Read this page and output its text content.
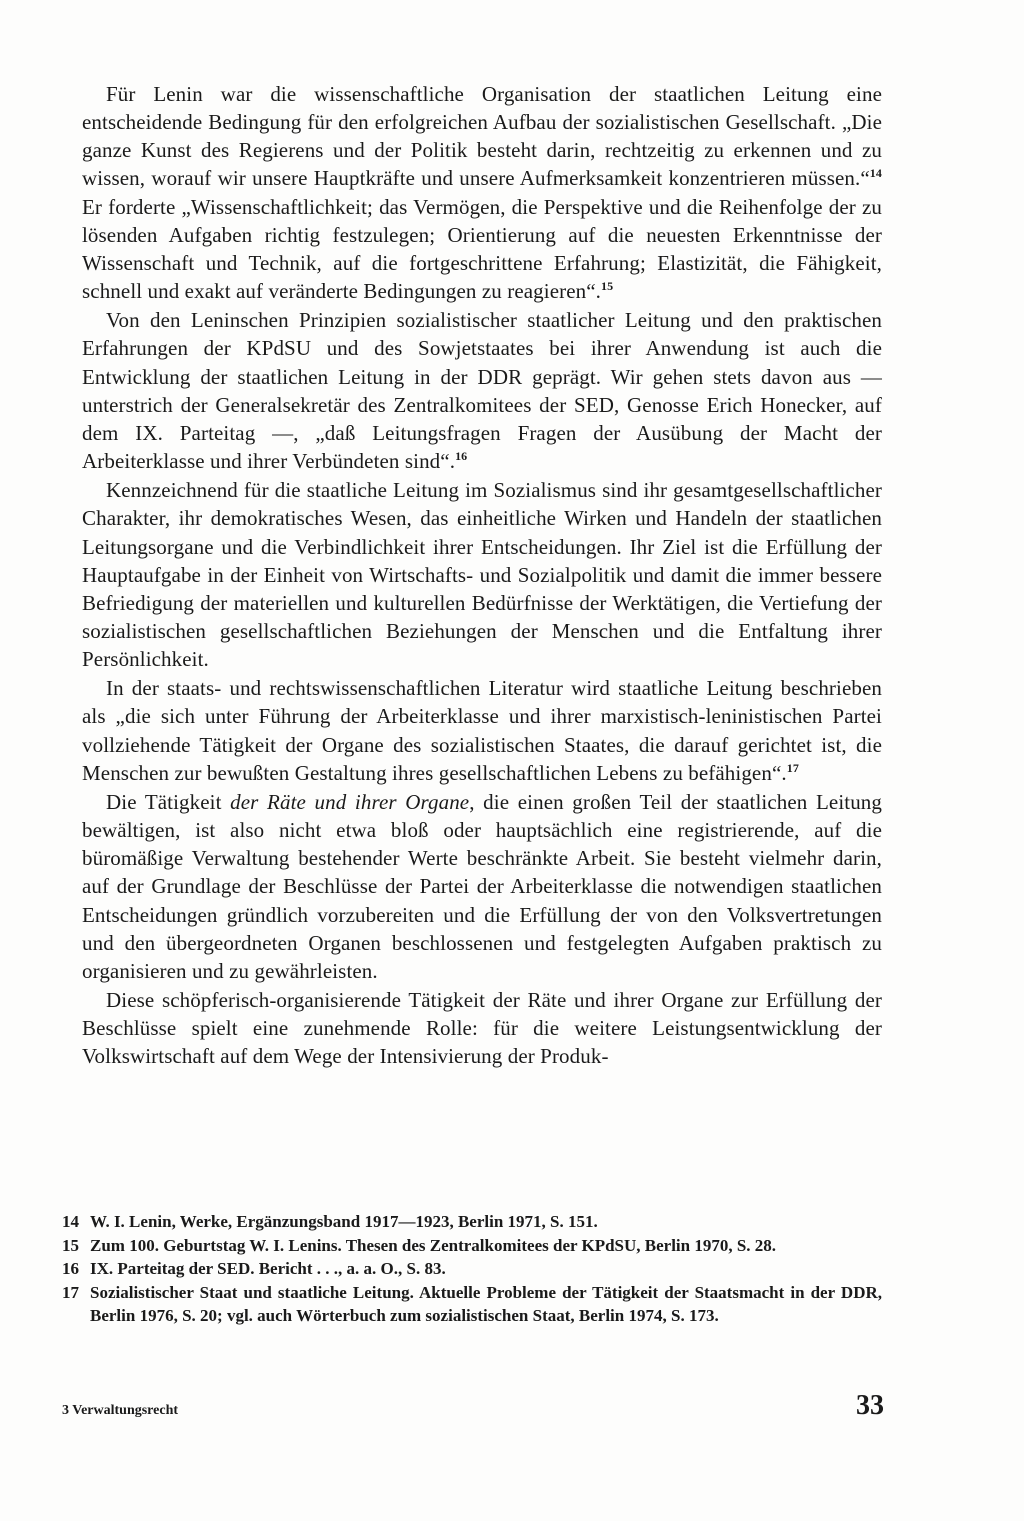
Für Lenin war die wissenschaftliche Organisation der staatlichen Leitung eine entscheidende Bedingung für den erfolgreichen Aufbau der sozialistischen Gesellschaft. „Die ganze Kunst des Regierens und der Politik besteht darin, rechtzeitig zu erkennen und zu wissen, worauf wir unsere Hauptkräfte und unsere Aufmerksamkeit konzentrieren müssen.“$^{14}$ Er forderte „Wissenschaftlichkeit; das Vermögen, die Perspektive und die Reihenfolge der zu lösenden Aufgaben richtig festzulegen; Orientierung auf die neuesten Erkenntnisse der Wissenschaft und Technik, auf die fortgeschrittene Erfahrung; Elastizität, die Fähigkeit, schnell und exakt auf veränderte Bedingungen zu reagieren“.$^{15}$

Von den Leninschen Prinzipien sozialistischer staatlicher Leitung und den praktischen Erfahrungen der KPdSU und des Sowjetstaates bei ihrer Anwendung ist auch die Entwicklung der staatlichen Leitung in der DDR geprägt. Wir gehen stets davon aus — unterstrich der Generalsekretär des Zentralkomitees der SED, Genosse Erich Honecker, auf dem IX. Parteitag —, „daß Leitungsfragen Fragen der Ausübung der Macht der Arbeiterklasse und ihrer Verbündeten sind“.$^{16}$

Kennzeichnend für die staatliche Leitung im Sozialismus sind ihr gesamtgesellschaftlicher Charakter, ihr demokratisches Wesen, das einheitliche Wirken und Handeln der staatlichen Leitungsorgane und die Verbindlichkeit ihrer Entscheidungen. Ihr Ziel ist die Erfüllung der Hauptaufgabe in der Einheit von Wirtschafts- und Sozialpolitik und damit die immer bessere Befriedigung der materiellen und kulturellen Bedürfnisse der Werktätigen, die Vertiefung der sozialistischen gesellschaftlichen Beziehungen der Menschen und die Entfaltung ihrer Persönlichkeit.

In der staats- und rechtswissenschaftlichen Literatur wird staatliche Leitung beschrieben als „die sich unter Führung der Arbeiterklasse und ihrer marxistisch-leninistischen Partei vollziehende Tätigkeit der Organe des sozialistischen Staates, die darauf gerichtet ist, die Menschen zur bewußten Gestaltung ihres gesellschaftlichen Lebens zu befähigen“.$^{17}$

Die Tätigkeit der Räte und ihrer Organe, die einen großen Teil der staatlichen Leitung bewältigen, ist also nicht etwa bloß oder hauptsächlich eine registrierende, auf die büromäßige Verwaltung bestehender Werte beschränkte Arbeit. Sie besteht vielmehr darin, auf der Grundlage der Beschlüsse der Partei der Arbeiterklasse die notwendigen staatlichen Entscheidungen gründlich vorzubereiten und die Erfüllung der von den Volksvertretungen und den übergeordneten Organen beschlossenen und festgelegten Aufgaben praktisch zu organisieren und zu gewährleisten.

Diese schöpferisch-organisierende Tätigkeit der Räte und ihrer Organe zur Erfüllung der Beschlüsse spielt eine zunehmende Rolle: für die weitere Leistungsentwicklung der Volkswirtschaft auf dem Wege der Intensivierung der Produk-

14 W. I. Lenin, Werke, Ergänzungsband 1917—1923, Berlin 1971, S. 151.
15 Zum 100. Geburtstag W. I. Lenins. Thesen des Zentralkomitees der KPdSU, Berlin 1970, S. 28.
16 IX. Parteitag der SED. Bericht . . ., a. a. O., S. 83.
17 Sozialistischer Staat und staatliche Leitung. Aktuelle Probleme der Tätigkeit der Staatsmacht in der DDR, Berlin 1976, S. 20; vgl. auch Wörterbuch zum sozialistischen Staat, Berlin 1974, S. 173.
3 Verwaltungsrecht	33
